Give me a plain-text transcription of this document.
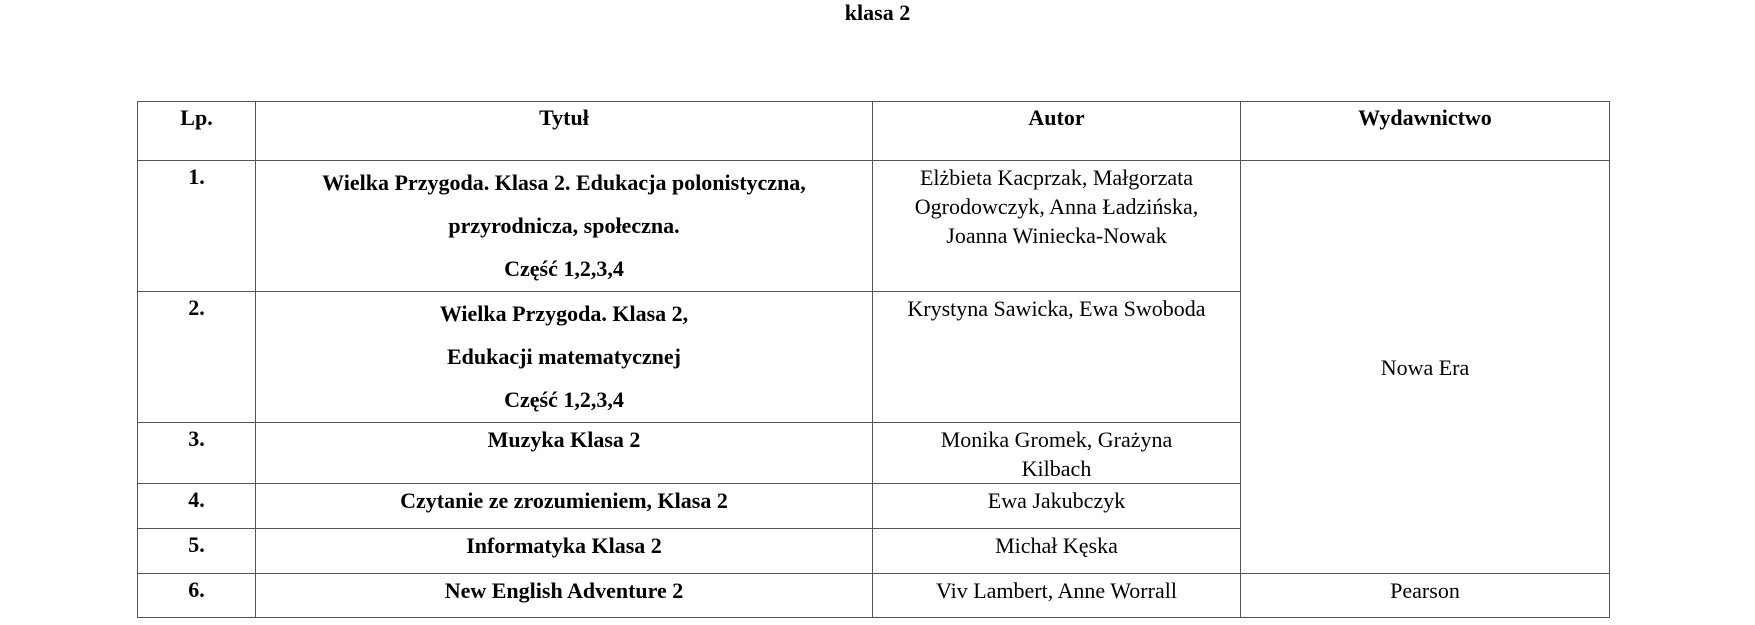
klasa 2
Lp.	Tytuł	Autor	Wydawnictwo
1.	Wielka Przygoda. Klasa 2. Edukacja polonistyczna,
przyrodnicza, społeczna.
Część 1,2,3,4	Elżbieta Kacprzak, Małgorzata
Ogrodowczyk, Anna Ładzińska,
Joanna Winiecka-Nowak	Nowa Era
2.	Wielka Przygoda. Klasa 2,
Edukacji matematycznej
Część 1,2,3,4	Krystyna Sawicka, Ewa Swoboda	

3.	Muzyka Klasa 2	Monika Gromek, Grażyna
Kilbach	

4.	Czytanie ze zrozumieniem, Klasa 2	Ewa Jakubczyk	

5.	Informatyka Klasa 2	Michał Kęska	

6.	New English Adventure 2	Viv Lambert, Anne Worrall	Pearson
